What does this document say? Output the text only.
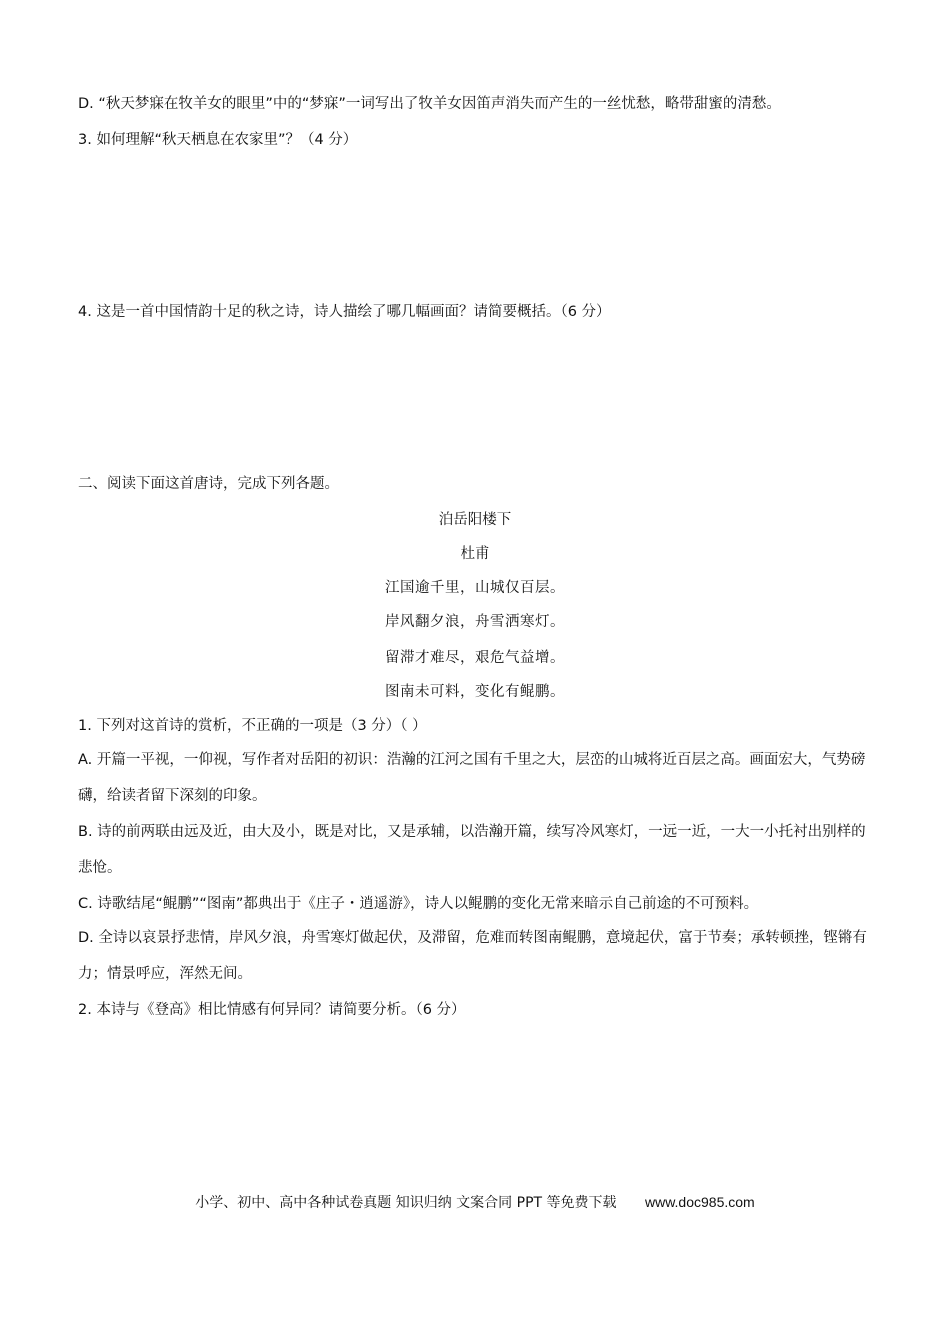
D. “秋天梦寐在牧羊女的眼里”中的“梦寐”一词写出了牧羊女因笛声消失而产生的一丝忧愁，略带甜蜜的清愁。
3. 如何理解“秋天栖息在农家里”？（4 分）
4. 这是一首中国情韵十足的秋之诗，诗人描绘了哪几幅画面？请简要概括。（6 分）
二、阅读下面这首唐诗，完成下列各题。
泊岳阳楼下
杜甫
江国逾千里，山城仅百层。
岸风翻夕浪，舟雪洒寒灯。
留滞才难尽，艰危气益增。
图南未可料，变化有鲲鹏。
1. 下列对这首诗的赏析，不正确的一项是（3 分）（ ）
A. 开篇一平视，一仰视，写作者对岳阳的初识：浩瀚的江河之国有千里之大，层峦的山城将近百层之高。画面宏大，气势磅礴，给读者留下深刻的印象。
B. 诗的前两联由远及近，由大及小，既是对比，又是承辅，以浩瀚开篇，续写冷风寒灯，一远一近，一大一小托衬出别样的悲怆。
C. 诗歌结尾“鲲鹏”“图南”都典出于《庄子・逍遥游》，诗人以鲲鹏的变化无常来暗示自己前途的不可预料。
D. 全诗以哀景抒悲情，岸风夕浪，舟雪寒灯做起伏，及滞留，危难而转图南鲲鹏，意境起伏，富于节奏；承转顿挫，铿锵有力；情景呼应，浑然无间。
2. 本诗与《登高》相比情感有何异同？请简要分析。（6 分）
小学、初中、高中各种试卷真题 知识归纳 文案合同 PPT 等免费下载 www.doc985.com
